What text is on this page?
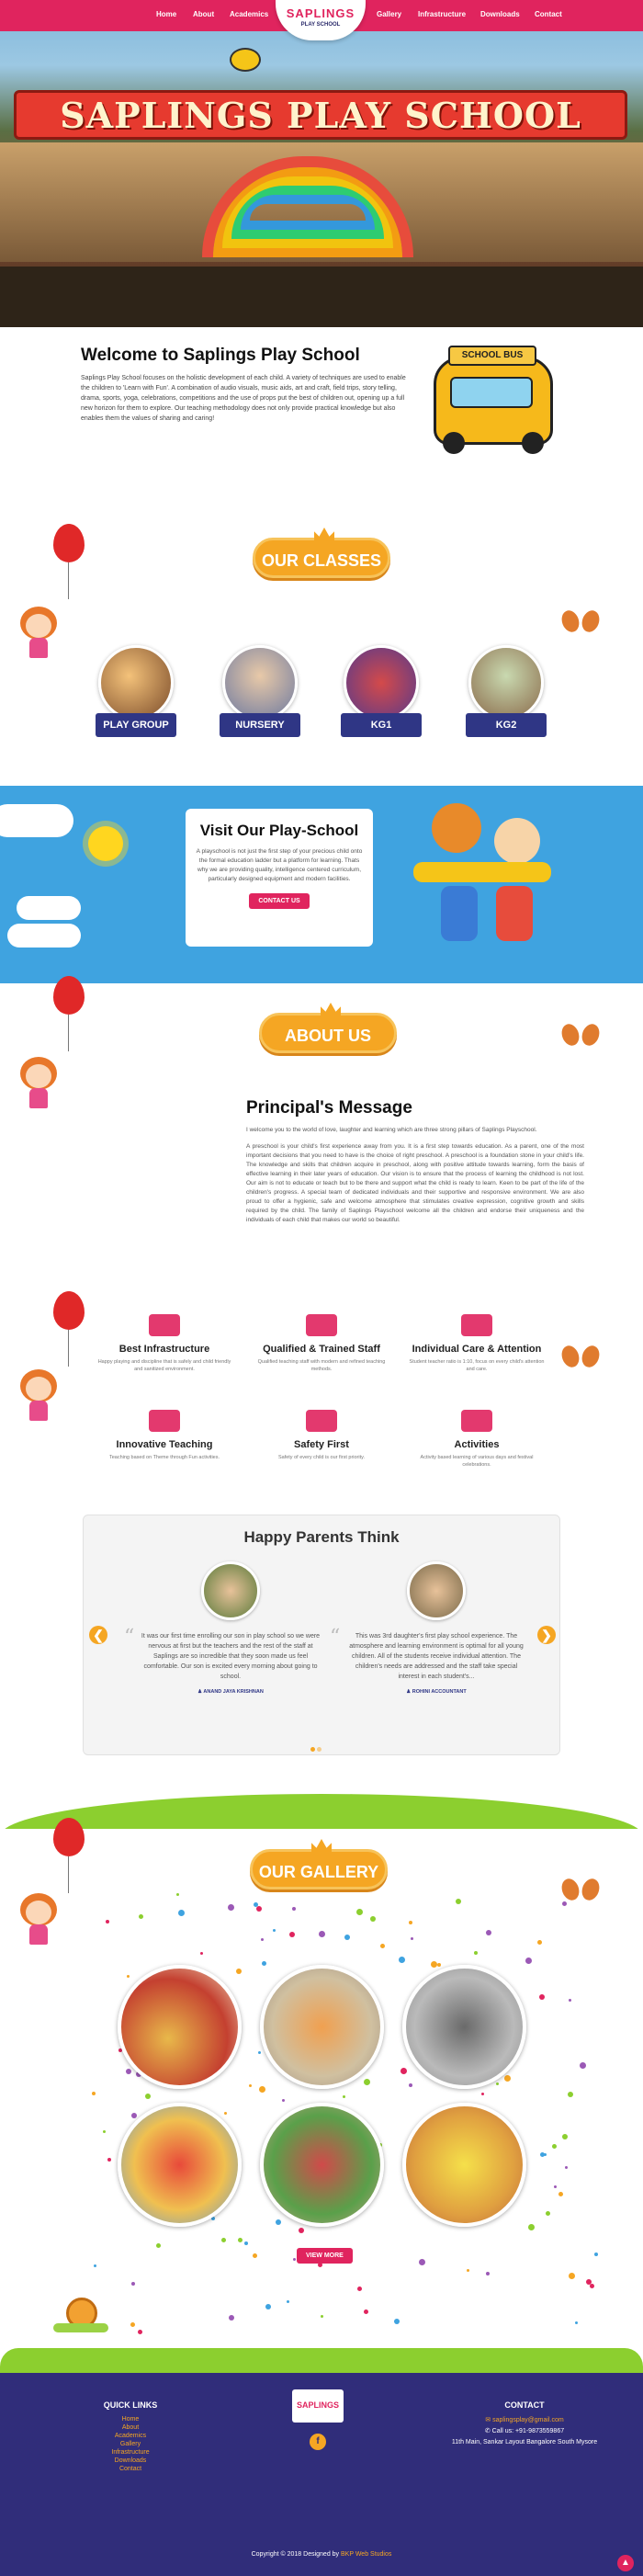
SAPLINGS PLAY SCHOOL
Home About Academics	Gallery Infrastructure Downloads Contact
SAPLINGS
PLAY SCHOOL
Welcome to Saplings Play School

Saplings Play School focuses on the holistic development of each child. A variety of techniques are used to enable the children to 'Learn with Fun'. A combination of audio visuals, music aids, art and craft, field trips, story telling, drama, sports, yoga, celebrations, competitions and the use of props put the best of children out, opening up a full new horizon for them to explore. Our teaching methodology does not only provide practical knowledge but also enables them the values of sharing and caring!

SCHOOL BUS
OUR CLASSES
PLAY GROUP	NURSERY	KG1	KG2
Visit Our Play-School

A playschool is not just the first step of your precious child onto the formal education ladder but a platform for learning. Thats why we are providing quality, intelligence centered curriculum, particularly designed equipment and modern facilities.

CONTACT US
ABOUT US
Principal's Message

I welcome you to the world of love, laughter and learning which are three strong pillars of Saplings Playschool.

A preschool is your child's first experience away from you. It is a first step towards education. As a parent, one of the most important decisions that you need to have is the choice of right preschool. A preschool is a foundation stone in your child's life. The knowledge and skills that children acquire in preschool, along with positive attitude towards learning, form the basis of effective learning in their later years of education. Our vision is to ensure that the process of learning the childhood is not lost. Our aim is not to educate or teach but to be there and support what the child is ready to learn. Keen to be part of the life of the children's progress. A special team of dedicated individuals and their supportive and responsive environment. We are also proud to offer a hygienic, safe and welcome atmosphere that stimulates creative expression, cognitive growth and skills required by the child. The family of Saplings Playschool welcome all the children and endorse their uniqueness and the individuals of each child that makes our world so beautiful.

Best Infrastructure

Happy playing and discipline that is safely and child friendly and sanitized environment.

Qualified & Trained Staff

Qualified teaching staff with modern and refined teaching methods.

Individual Care & Attention

Student teacher ratio is 1:10, focus on every child's attention and care.

Innovative Teaching

Teaching based on Theme through Fun activities.

Safety First

Safety of every child is our first priority.

Activities

Activity based learning of various days and festival celebrations.

Happy Parents Think
❮	❯
“	It was our first time enrolling our son in play school so we were nervous at first but the teachers and the rest of the staff at Saplings are so incredible that they soon made us feel comfortable. Our son is excited every morning about going to school.

♟ ANAND JAYA KRISHNAN
“	This was 3rd daughter's first play school experience. The atmosphere and learning environment is optimal for all young children. All of the students receive individual attention. The children's needs are addressed and the staff take special interest in each student's...

♟ ROHINI ACCOUNTANT
OUR GALLERY
VIEW MORE
QUICK LINKS
Home
About
Academics
Gallery
Infrastructure
Downloads
Contact
SAPLINGS
f
CONTACT
✉ saplingsplay@gmail.com
✆ Call us: +91-9873559867
11th Main, Sankar Layout Bangalore South Mysore
Copyright © 2018 Designed by BKP Web Studios
▲
